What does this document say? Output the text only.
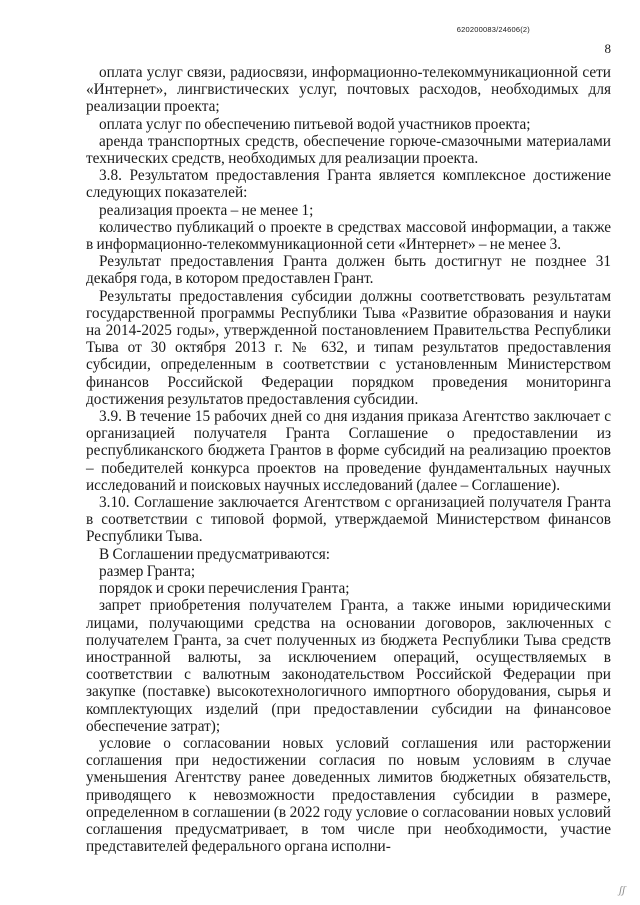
620200083/24606(2)
8

оплата услуг связи, радиосвязи, информационно-телекоммуникационной сети «Интернет», лингвистических услуг, почтовых расходов, необходимых для реализации проекта;

оплата услуг по обеспечению питьевой водой участников проекта;

аренда транспортных средств, обеспечение горюче-смазочными материалами технических средств, необходимых для реализации проекта.

3.8. Результатом предоставления Гранта является комплексное достижение следующих показателей:

реализация проекта – не менее 1;

количество публикаций о проекте в средствах массовой информации, а также в информационно-телекоммуникационной сети «Интернет» – не менее 3.

Результат предоставления Гранта должен быть достигнут не позднее 31 декабря года, в котором предоставлен Грант.

Результаты предоставления субсидии должны соответствовать результатам государственной программы Республики Тыва «Развитие образования и науки на 2014-2025 годы», утвержденной постановлением Правительства Республики Тыва от 30 октября 2013 г. № 632, и типам результатов предоставления субсидии, определенным в соответствии с установленным Министерством финансов Российской Федерации порядком проведения мониторинга достижения результатов предоставления субсидии.

3.9. В течение 15 рабочих дней со дня издания приказа Агентство заключает с организацией получателя Гранта Соглашение о предоставлении из республиканского бюджета Грантов в форме субсидий на реализацию проектов – победителей конкурса проектов на проведение фундаментальных научных исследований и поисковых научных исследований (далее – Соглашение).

3.10. Соглашение заключается Агентством с организацией получателя Гранта в соответствии с типовой формой, утверждаемой Министерством финансов Республики Тыва.

В Соглашении предусматриваются:

размер Гранта;

порядок и сроки перечисления Гранта;

запрет приобретения получателем Гранта, а также иными юридическими лицами, получающими средства на основании договоров, заключенных с получателем Гранта, за счет полученных из бюджета Республики Тыва средств иностранной валюты, за исключением операций, осуществляемых в соответствии с валютным законодательством Российской Федерации при закупке (поставке) высокотехнологичного импортного оборудования, сырья и комплектующих изделий (при предоставлении субсидии на финансовое обеспечение затрат);

условие о согласовании новых условий соглашения или расторжении соглашения при недостижении согласия по новым условиям в случае уменьшения Агентству ранее доведенных лимитов бюджетных обязательств, приводящего к невозможности предоставления субсидии в размере, определенном в соглашении (в 2022 году условие о согласовании новых условий соглашения предусматривает, в том числе при необходимости, участие представителей федерального органа исполни-

ʃʃ
